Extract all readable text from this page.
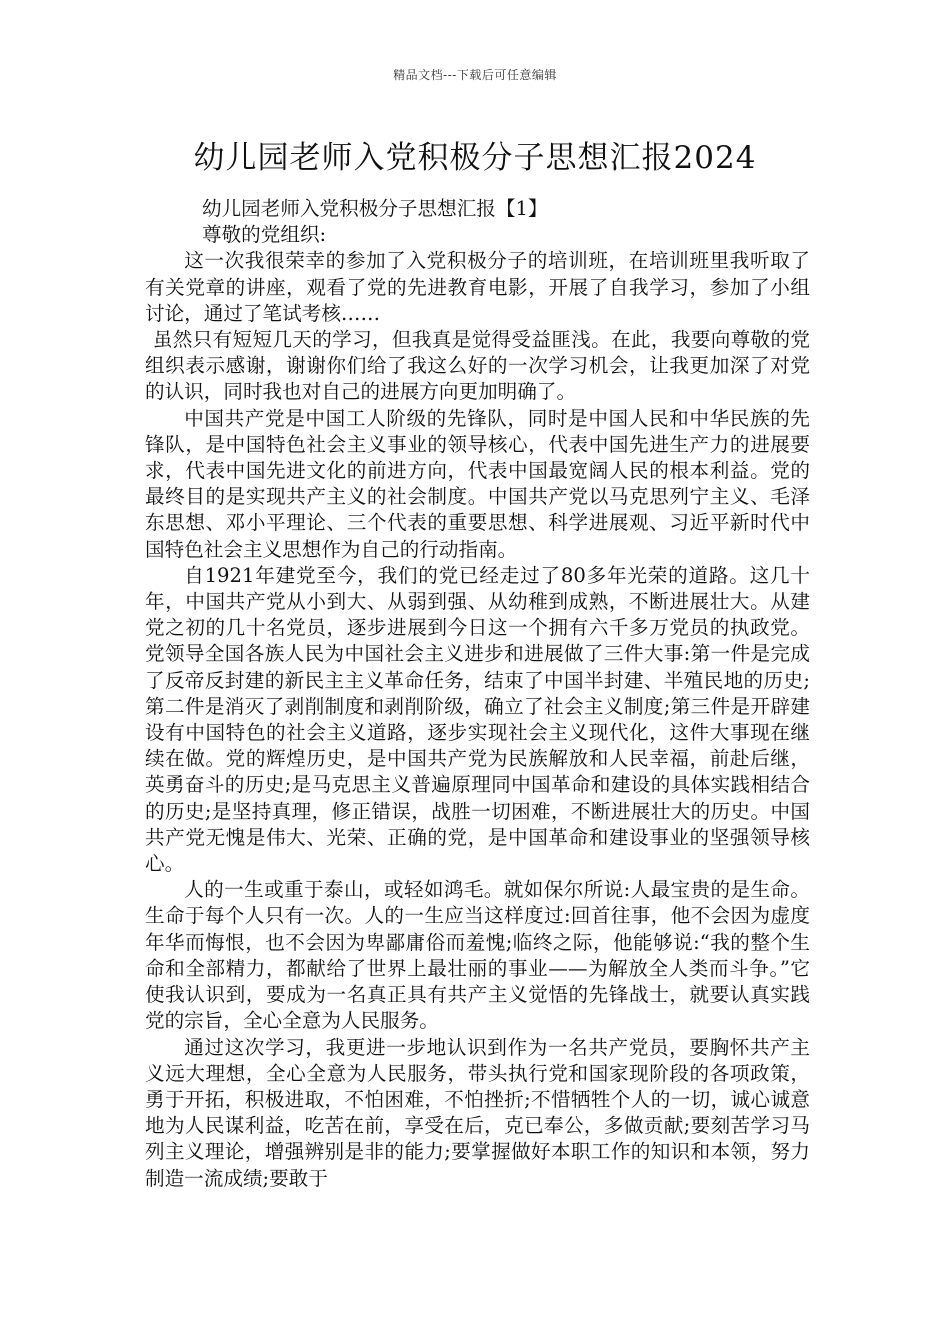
精品文档---下载后可任意编辑
幼儿园老师入党积极分子思想汇报2024

幼儿园老师入党积极分子思想汇报【1】

尊敬的党组织:

这一次我很荣幸的参加了入党积极分子的培训班，在培训班里我听取了有关党章的讲座，观看了党的先进教育电影，开展了自我学习，参加了小组讨论，通过了笔试考核……

虽然只有短短几天的学习，但我真是觉得受益匪浅。在此，我要向尊敬的党组织表示感谢，谢谢你们给了我这么好的一次学习机会，让我更加深了对党的认识，同时我也对自己的进展方向更加明确了。

中国共产党是中国工人阶级的先锋队，同时是中国人民和中华民族的先锋队，是中国特色社会主义事业的领导核心，代表中国先进生产力的进展要求，代表中国先进文化的前进方向，代表中国最宽阔人民的根本利益。党的最终目的是实现共产主义的社会制度。中国共产党以马克思列宁主义、毛泽东思想、邓小平理论、三个代表的重要思想、科学进展观、习近平新时代中国特色社会主义思想作为自己的行动指南。

自1921年建党至今，我们的党已经走过了80多年光荣的道路。这几十年，中国共产党从小到大、从弱到强、从幼稚到成熟，不断进展壮大。从建党之初的几十名党员，逐步进展到今日这一个拥有六千多万党员的执政党。党领导全国各族人民为中国社会主义进步和进展做了三件大事:第一件是完成了反帝反封建的新民主主义革命任务，结束了中国半封建、半殖民地的历史;第二件是消灭了剥削制度和剥削阶级，确立了社会主义制度;第三件是开辟建设有中国特色的社会主义道路，逐步实现社会主义现代化，这件大事现在继续在做。党的辉煌历史，是中国共产党为民族解放和人民幸福，前赴后继，英勇奋斗的历史;是马克思主义普遍原理同中国革命和建设的具体实践相结合的历史;是坚持真理，修正错误，战胜一切困难，不断进展壮大的历史。中国共产党无愧是伟大、光荣、正确的党，是中国革命和建设事业的坚强领导核心。

人的一生或重于泰山，或轻如鸿毛。就如保尔所说:人最宝贵的是生命。生命于每个人只有一次。人的一生应当这样度过:回首往事，他不会因为虚度年华而悔恨，也不会因为卑鄙庸俗而羞愧;临终之际，他能够说:“我的整个生命和全部精力，都献给了世界上最壮丽的事业——为解放全人类而斗争。”它使我认识到，要成为一名真正具有共产主义觉悟的先锋战士，就要认真实践党的宗旨，全心全意为人民服务。

通过这次学习，我更进一步地认识到作为一名共产党员，要胸怀共产主义远大理想，全心全意为人民服务，带头执行党和国家现阶段的各项政策，勇于开拓，积极进取，不怕困难，不怕挫折;不惜牺牲个人的一切，诚心诚意地为人民谋利益，吃苦在前，享受在后，克已奉公，多做贡献;要刻苦学习马列主义理论，增强辨别是非的能力;要掌握做好本职工作的知识和本领，努力制造一流成绩;要敢于
